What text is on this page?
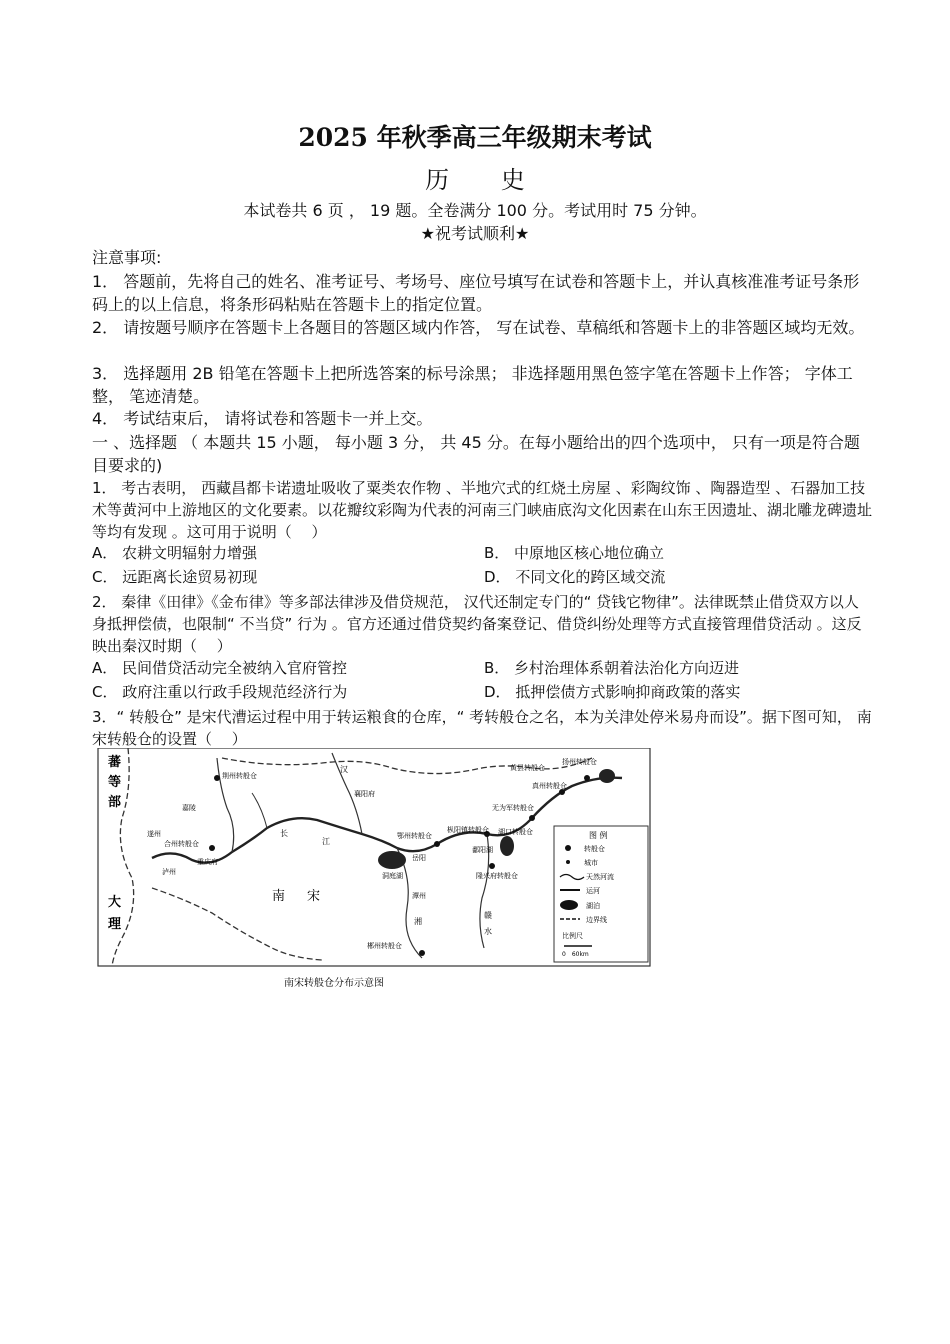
2025 年秋季高三年级期末考试
历 史
本试卷共 6 页 ， 19 题。全卷满分 100 分。考试用时 75 分钟。
★祝考试顺利★
注意事项:
1． 答题前，先将自己的姓名、准考证号、考场号、座位号填写在试卷和答题卡上，并认真核准准考证号条形码上的以上信息，将条形码粘贴在答题卡上的指定位置。
2． 请按题号顺序在答题卡上各题目的答题区域内作答， 写在试卷、草稿纸和答题卡上的非答题区域均无效。
3． 选择题用 2B 铅笔在答题卡上把所选答案的标号涂黑； 非选择题用黑色签字笔在答题卡上作答； 字体工整， 笔迹清楚。
4． 考试结束后， 请将试卷和答题卡一并上交。
一 、选择题 （ 本题共 15 小题， 每小题 3 分， 共 45 分。在每小题给出的四个选项中， 只有一项是符合题目要求的)
1． 考古表明， 西藏昌都卡诺遗址吸收了粟类农作物 、半地穴式的红烧土房屋 、彩陶纹饰 、陶器造型 、石器加工技术等黄河中上游地区的文化要素。以花瓣纹彩陶为代表的河南三门峡庙底沟文化因素在山东王因遗址、湖北雕龙碑遗址等均有发现 。这可用于说明（　 ）
A． 农耕文明辐射力增强	B． 中原地区核心地位确立
C． 远距离长途贸易初现	D． 不同文化的跨区域交流
2． 秦律《田律》《金布律》等多部法律涉及借贷规范， 汉代还制定专门的“ 贷钱它物律”。法律既禁止借贷双方以人身抵押偿债，也限制“ 不当贷” 行为 。官方还通过借贷契约备案登记、借贷纠纷处理等方式直接管理借贷活动 。这反映出秦汉时期（　 ）
A． 民间借贷活动完全被纳入官府管控	B． 乡村治理体系朝着法治化方向迈进
C． 政府注重以行政手段规范经济行为	D． 抵押偿债方式影响抑商政策的落实
3．“ 转般仓” 是宋代漕运过程中用于转运粮食的仓库，“ 考转般仓之名，本为关津处停米易舟而设”。据下图可知， 南宋转般仓的设置（　 ）
蕃
等
部
大
理
南 宋
荆州转般仓
合州转般仓
鄂州转般仓
枞阳镇转般仓 湖口转般仓
无为军转般仓
真州转般仓
黄县转般仓
郴州转般仓
隆兴府转般仓
扬州转般仓
嘉陵
遂州
重庆府
泸州
襄阳府
洞庭湖
鄱阳湖
岳阳
潭州
江
汉
长
赣
湘
水
图 例
转般仓
城市
天然河流
运河
湖泊
边界线
比例尺
0　60km
南宋转般仓分布示意图
